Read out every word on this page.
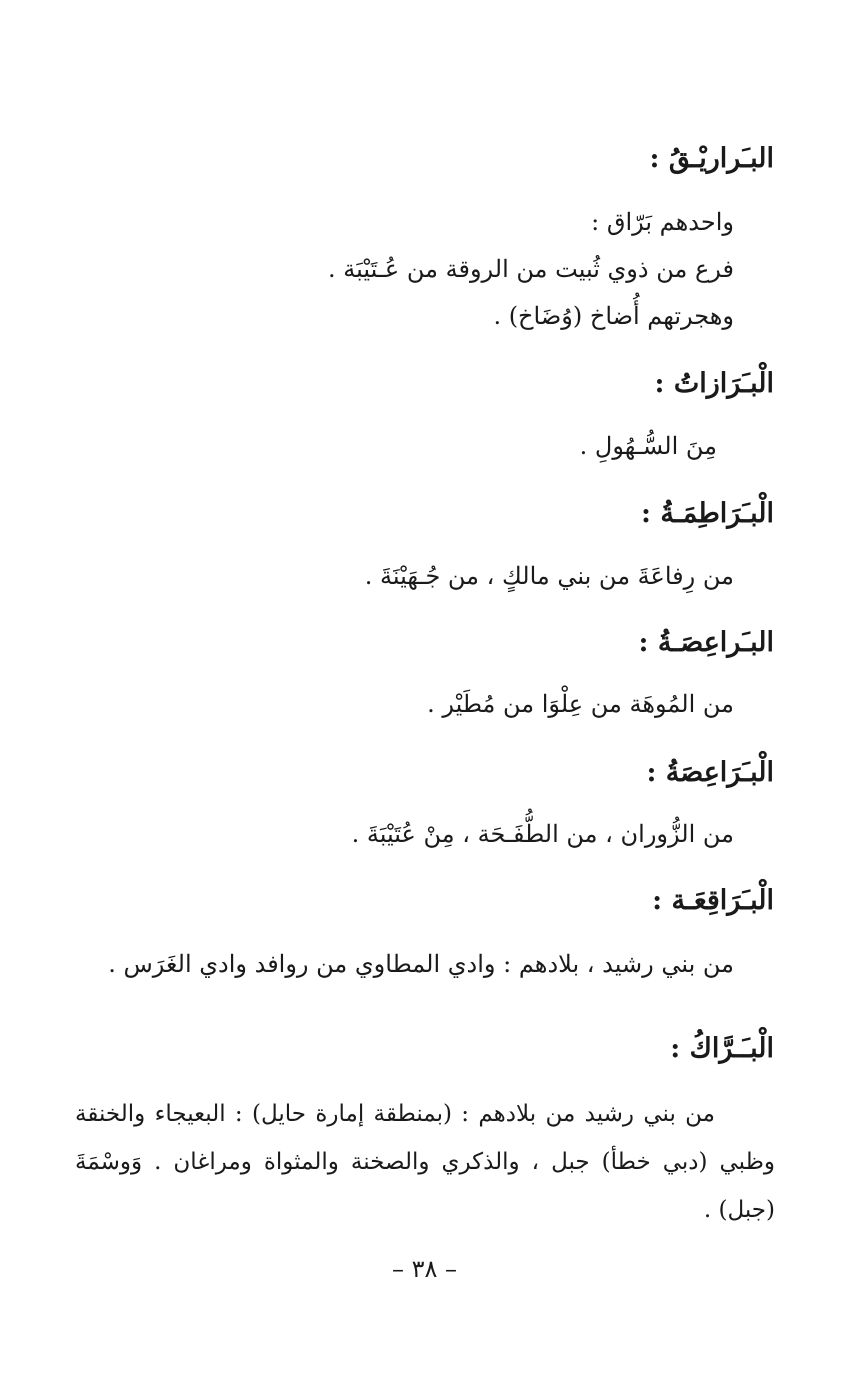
البـَراريْـقُ :

واحدهم بَرّاق :

فرع من ذوي ثُبيت من الروقة من عُـتَيْبَة .

وهجرتهم أُضاخ (وُضَاخ) .

الْبـَرَازاتُ :

مِنَ السُّـهُولِ .

الْبـَرَاطِمَـةُ :

من رِفاعَةَ من بني مالكٍ ، من جُـهَيْنَةَ .

البـَراعِصَـةُ :

من المُوهَة من عِلْوَا من مُطَيْر .

الْبـَرَاعِصَةُ :

من الزُّوران ، من الطُّفَـحَة ، مِنْ عُتَيْبَةَ .

الْبـَرَاقِعَـة :

من بني رشيد ، بلادهم : وادي المطاوي من روافد وادي الغَرَس .

الْبـَـرَّاكُ :

من بني رشيد من بلادهم : (بمنطقة إمارة حايل) : البعيجاء والخنقة وظبي (دبي خطأ) جبل ، والذكري والصخنة والمثواة ومراغان . وَوسْمَةَ (جبل) .

– ٣٨ –
